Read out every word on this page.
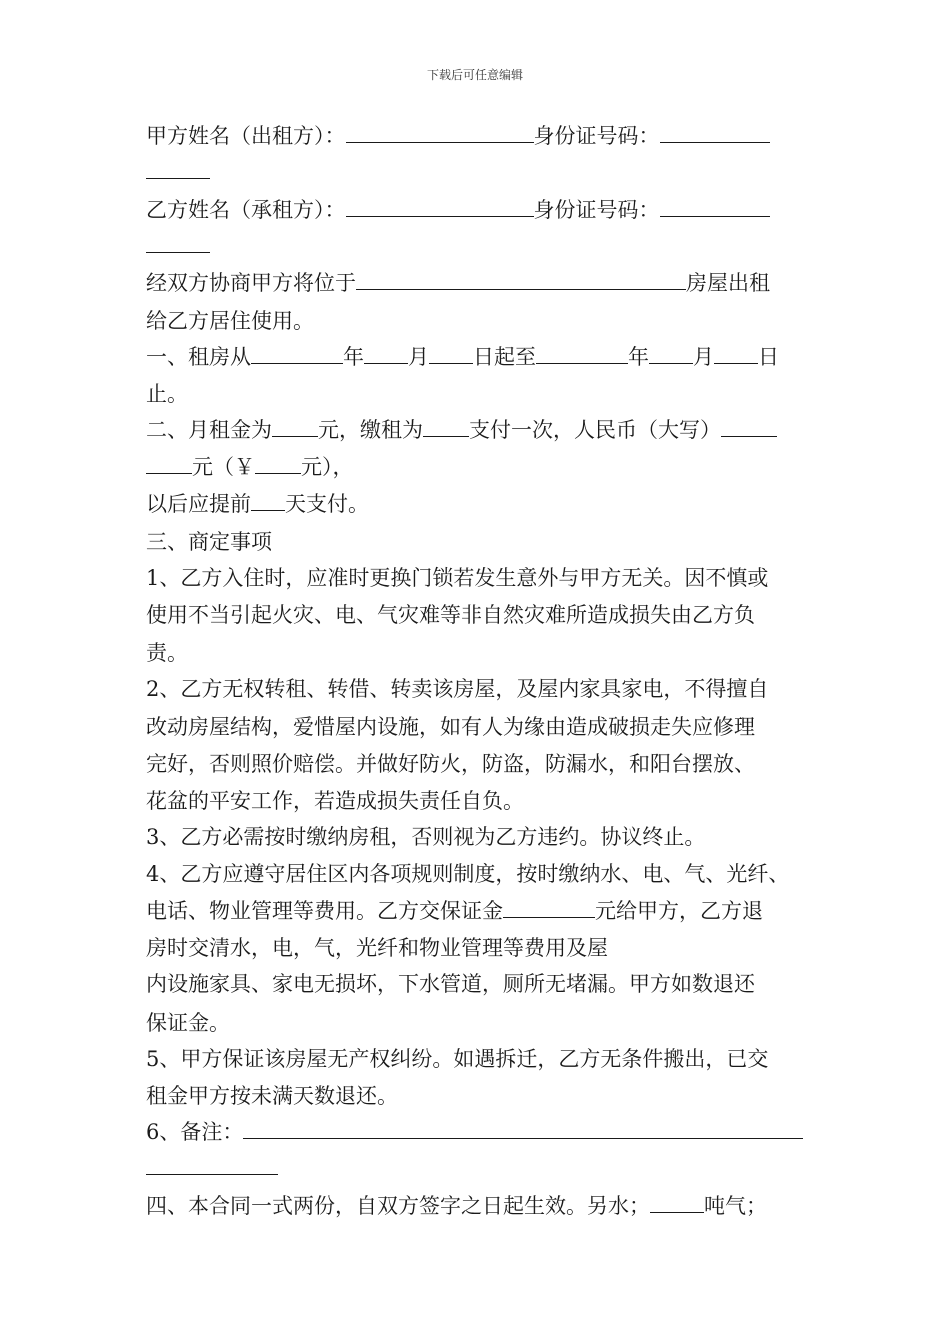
下载后可任意编辑
甲方姓名（出租方）：	身份证号码：
乙方姓名（承租方）：	身份证号码：
经双方协商甲方将位于	房屋出租
给乙方居住使用。
一、租房从	年 月 日起至	年 月 日
止。
二、月租金为 元，缴租为 支付一次，人民币（大写）
元（￥ 元），
以后应提前 天支付。
三、商定事项
1、乙方入住时，应准时更换门锁若发生意外与甲方无关。因不慎或
使用不当引起火灾、电、气灾难等非自然灾难所造成损失由乙方负
责。
2、乙方无权转租、转借、转卖该房屋，及屋内家具家电，不得擅自
改动房屋结构，爱惜屋内设施，如有人为缘由造成破损走失应修理
完好，否则照价赔偿。并做好防火，防盗，防漏水，和阳台摆放、
花盆的平安工作，若造成损失责任自负。
3、乙方必需按时缴纳房租，否则视为乙方违约。协议终止。
4、乙方应遵守居住区内各项规则制度，按时缴纳水、电、气、光纤、
电话、物业管理等费用。乙方交保证金	元给甲方，乙方退
房时交清水，电，气，光纤和物业管理等费用及屋
内设施家具、家电无损坏，下水管道，厕所无堵漏。甲方如数退还
保证金。
5、甲方保证该房屋无产权纠纷。如遇拆迁，乙方无条件搬出，已交
租金甲方按未满天数退还。
6、备注：
四、本合同一式两份，自双方签字之日起生效。另水；	吨气；
